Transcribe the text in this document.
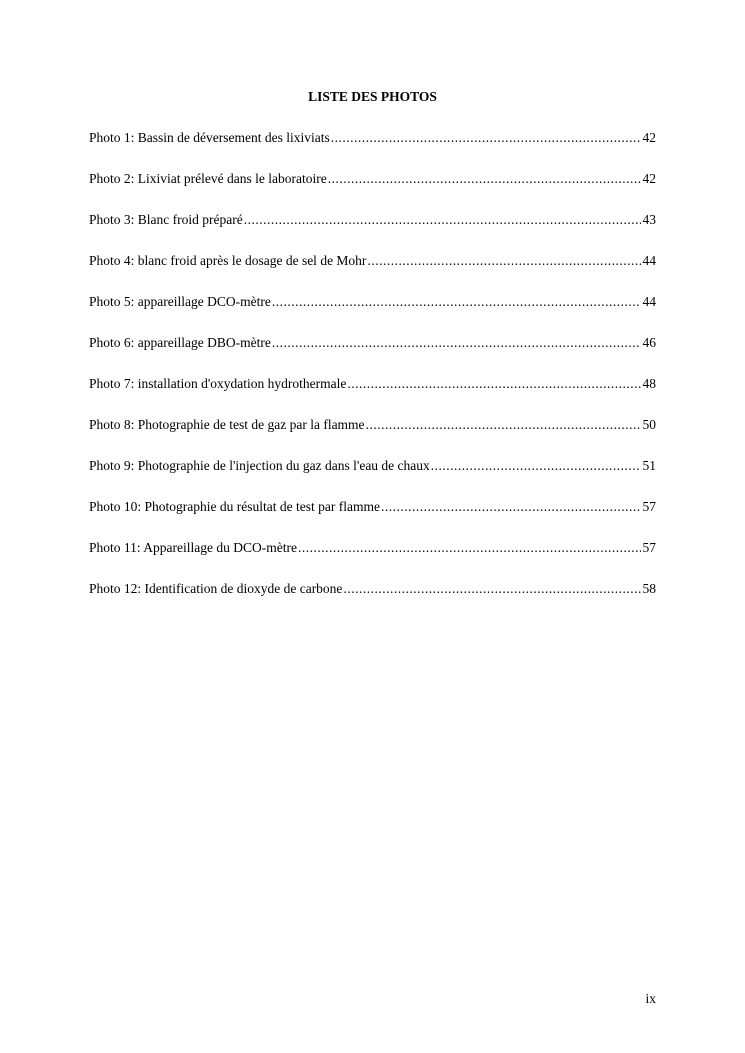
LISTE DES PHOTOS
Photo 1: Bassin de déversement des lixiviats .....	42
Photo 2: Lixiviat prélevé dans le laboratoire .....	42
Photo 3: Blanc froid préparé .....	43
Photo 4: blanc froid après le dosage de sel de Mohr .....	44
Photo 5: appareillage DCO-mètre .....	44
Photo 6: appareillage DBO-mètre .....	46
Photo 7: installation d'oxydation hydrothermale .....	48
Photo 8: Photographie de test de gaz par la flamme .....	50
Photo 9: Photographie de l'injection du gaz dans l'eau de chaux .....	51
Photo 10: Photographie du résultat de test par flamme .....	57
Photo 11: Appareillage du DCO-mètre .....	57
Photo 12: Identification de dioxyde de carbone .....	58
ix
